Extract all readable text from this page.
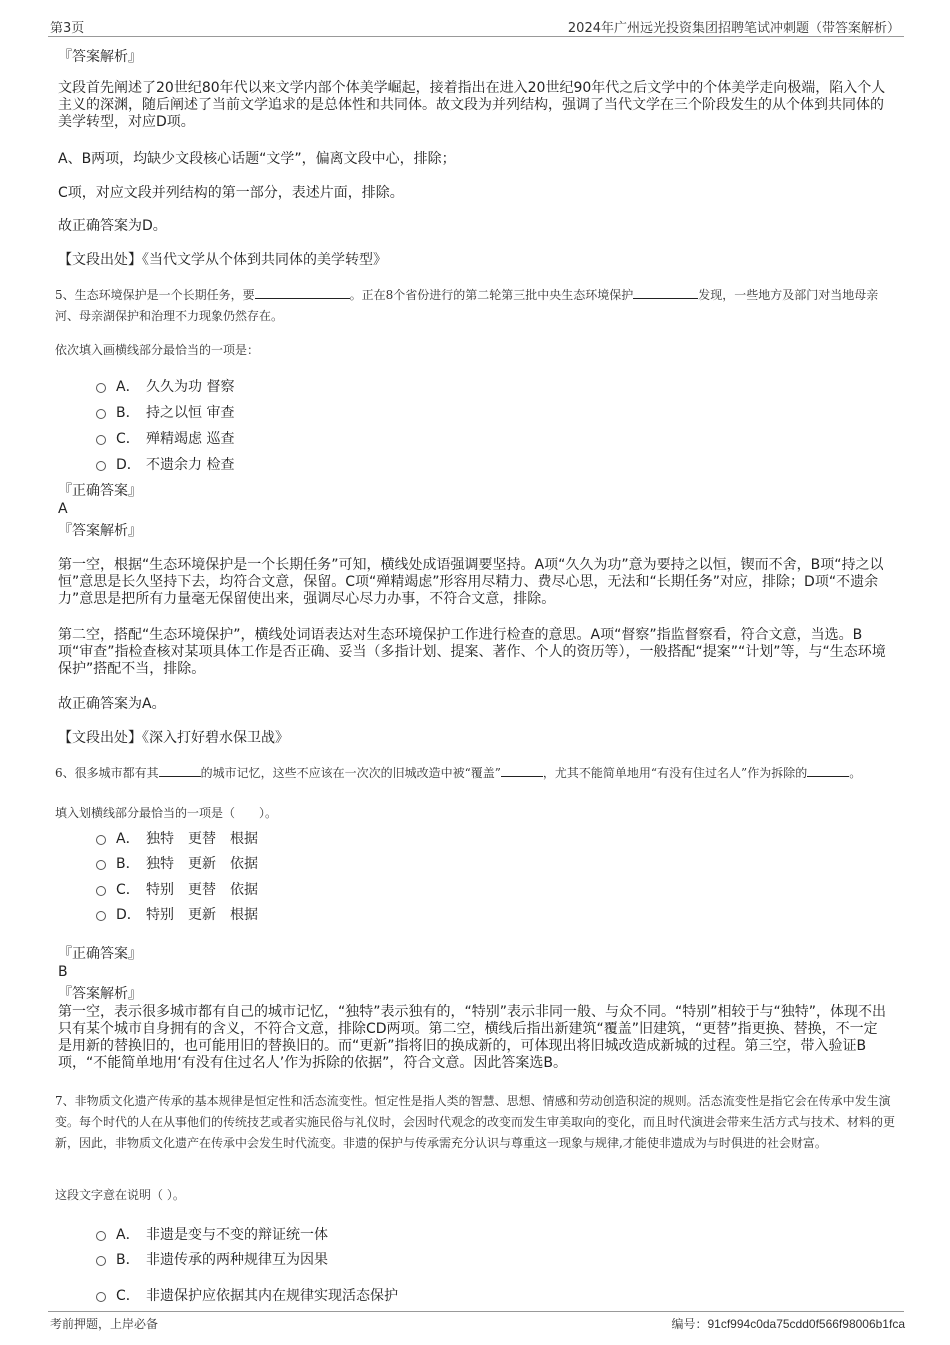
第3页	2024年广州远光投资集团招聘笔试冲刺题（带答案解析）
『答案解析』
文段首先阐述了20世纪80年代以来文学内部个体美学崛起，接着指出在进入20世纪90年代之后文学中的个体美学走向极端，陷入个人主义的深渊，随后阐述了当前文学追求的是总体性和共同体。故文段为并列结构，强调了当代文学在三个阶段发生的从个体到共同体的美学转型，对应D项。
A、B两项，均缺少文段核心话题“文学”，偏离文段中心，排除；
C项，对应文段并列结构的第一部分，表述片面，排除。
故正确答案为D。
【文段出处】《当代文学从个体到共同体的美学转型》
5、生态环境保护是一个长期任务，要	。正在8个省份进行的第二轮第三批中央生态环境保护	发现，一些地方及部门对当地母亲河、母亲湖保护和治理不力现象仍然存在。
依次填入画横线部分最恰当的一项是：
A． 久久为功 督察
B． 持之以恒 审查
C． 殚精竭虑 巡查
D． 不遗余力 检查
『正确答案』
A
『答案解析』
第一空，根据“生态环境保护是一个长期任务”可知，横线处成语强调要坚持。A项“久久为功”意为要持之以恒，锲而不舍，B项“持之以恒”意思是长久坚持下去，均符合文意，保留。C项“殚精竭虑”形容用尽精力、费尽心思，无法和“长期任务”对应，排除；D项“不遗余力”意思是把所有力量毫无保留使出来，强调尽心尽力办事，不符合文意，排除。
第二空，搭配“生态环境保护”，横线处词语表达对生态环境保护工作进行检查的意思。A项“督察”指监督察看，符合文意，当选。B项“审查”指检查核对某项具体工作是否正确、妥当（多指计划、提案、著作、个人的资历等），一般搭配“提案”“计划”等，与“生态环境保护”搭配不当，排除。
故正确答案为A。
【文段出处】《深入打好碧水保卫战》
6、很多城市都有其	的城市记忆，这些不应该在一次次的旧城改造中被“覆盖”	，尤其不能简单地用“有没有住过名人”作为拆除的	。
填入划横线部分最恰当的一项是（　　）。
A． 独特　更替　根据
B． 独特　更新　依据
C． 特别　更替　依据
D． 特别　更新　根据
『正确答案』
B
『答案解析』
第一空，表示很多城市都有自己的城市记忆，“独特”表示独有的，“特别”表示非同一般、与众不同。“特别”相较于与“独特”，体现不出只有某个城市自身拥有的含义，不符合文意，排除CD两项。第二空，横线后指出新建筑“覆盖”旧建筑，“更替”指更换、替换，不一定是用新的替换旧的，也可能用旧的替换旧的。而“更新”指将旧的换成新的，可体现出将旧城改造成新城的过程。第三空，带入验证B项，“不能简单地用‘有没有住过名人’作为拆除的依据”，符合文意。因此答案选B。
7、非物质文化遗产传承的基本规律是恒定性和活态流变性。恒定性是指人类的智慧、思想、情感和劳动创造积淀的规则。活态流变性是指它会在传承中发生演变。每个时代的人在从事他们的传统技艺或者实施民俗与礼仪时，会因时代观念的改变而发生审美取向的变化，而且时代演进会带来生活方式与技术、材料的更新，因此，非物质文化遗产在传承中会发生时代流变。非遗的保护与传承需充分认识与尊重这一现象与规律,才能使非遗成为与时俱进的社会财富。
这段文字意在说明（ ）。
A． 非遗是变与不变的辩证统一体
B． 非遗传承的两种规律互为因果
C． 非遗保护应依据其内在规律实现活态保护
考前押题，上岸必备	编号：91cf994c0da75cdd0f566f98006b1fca
